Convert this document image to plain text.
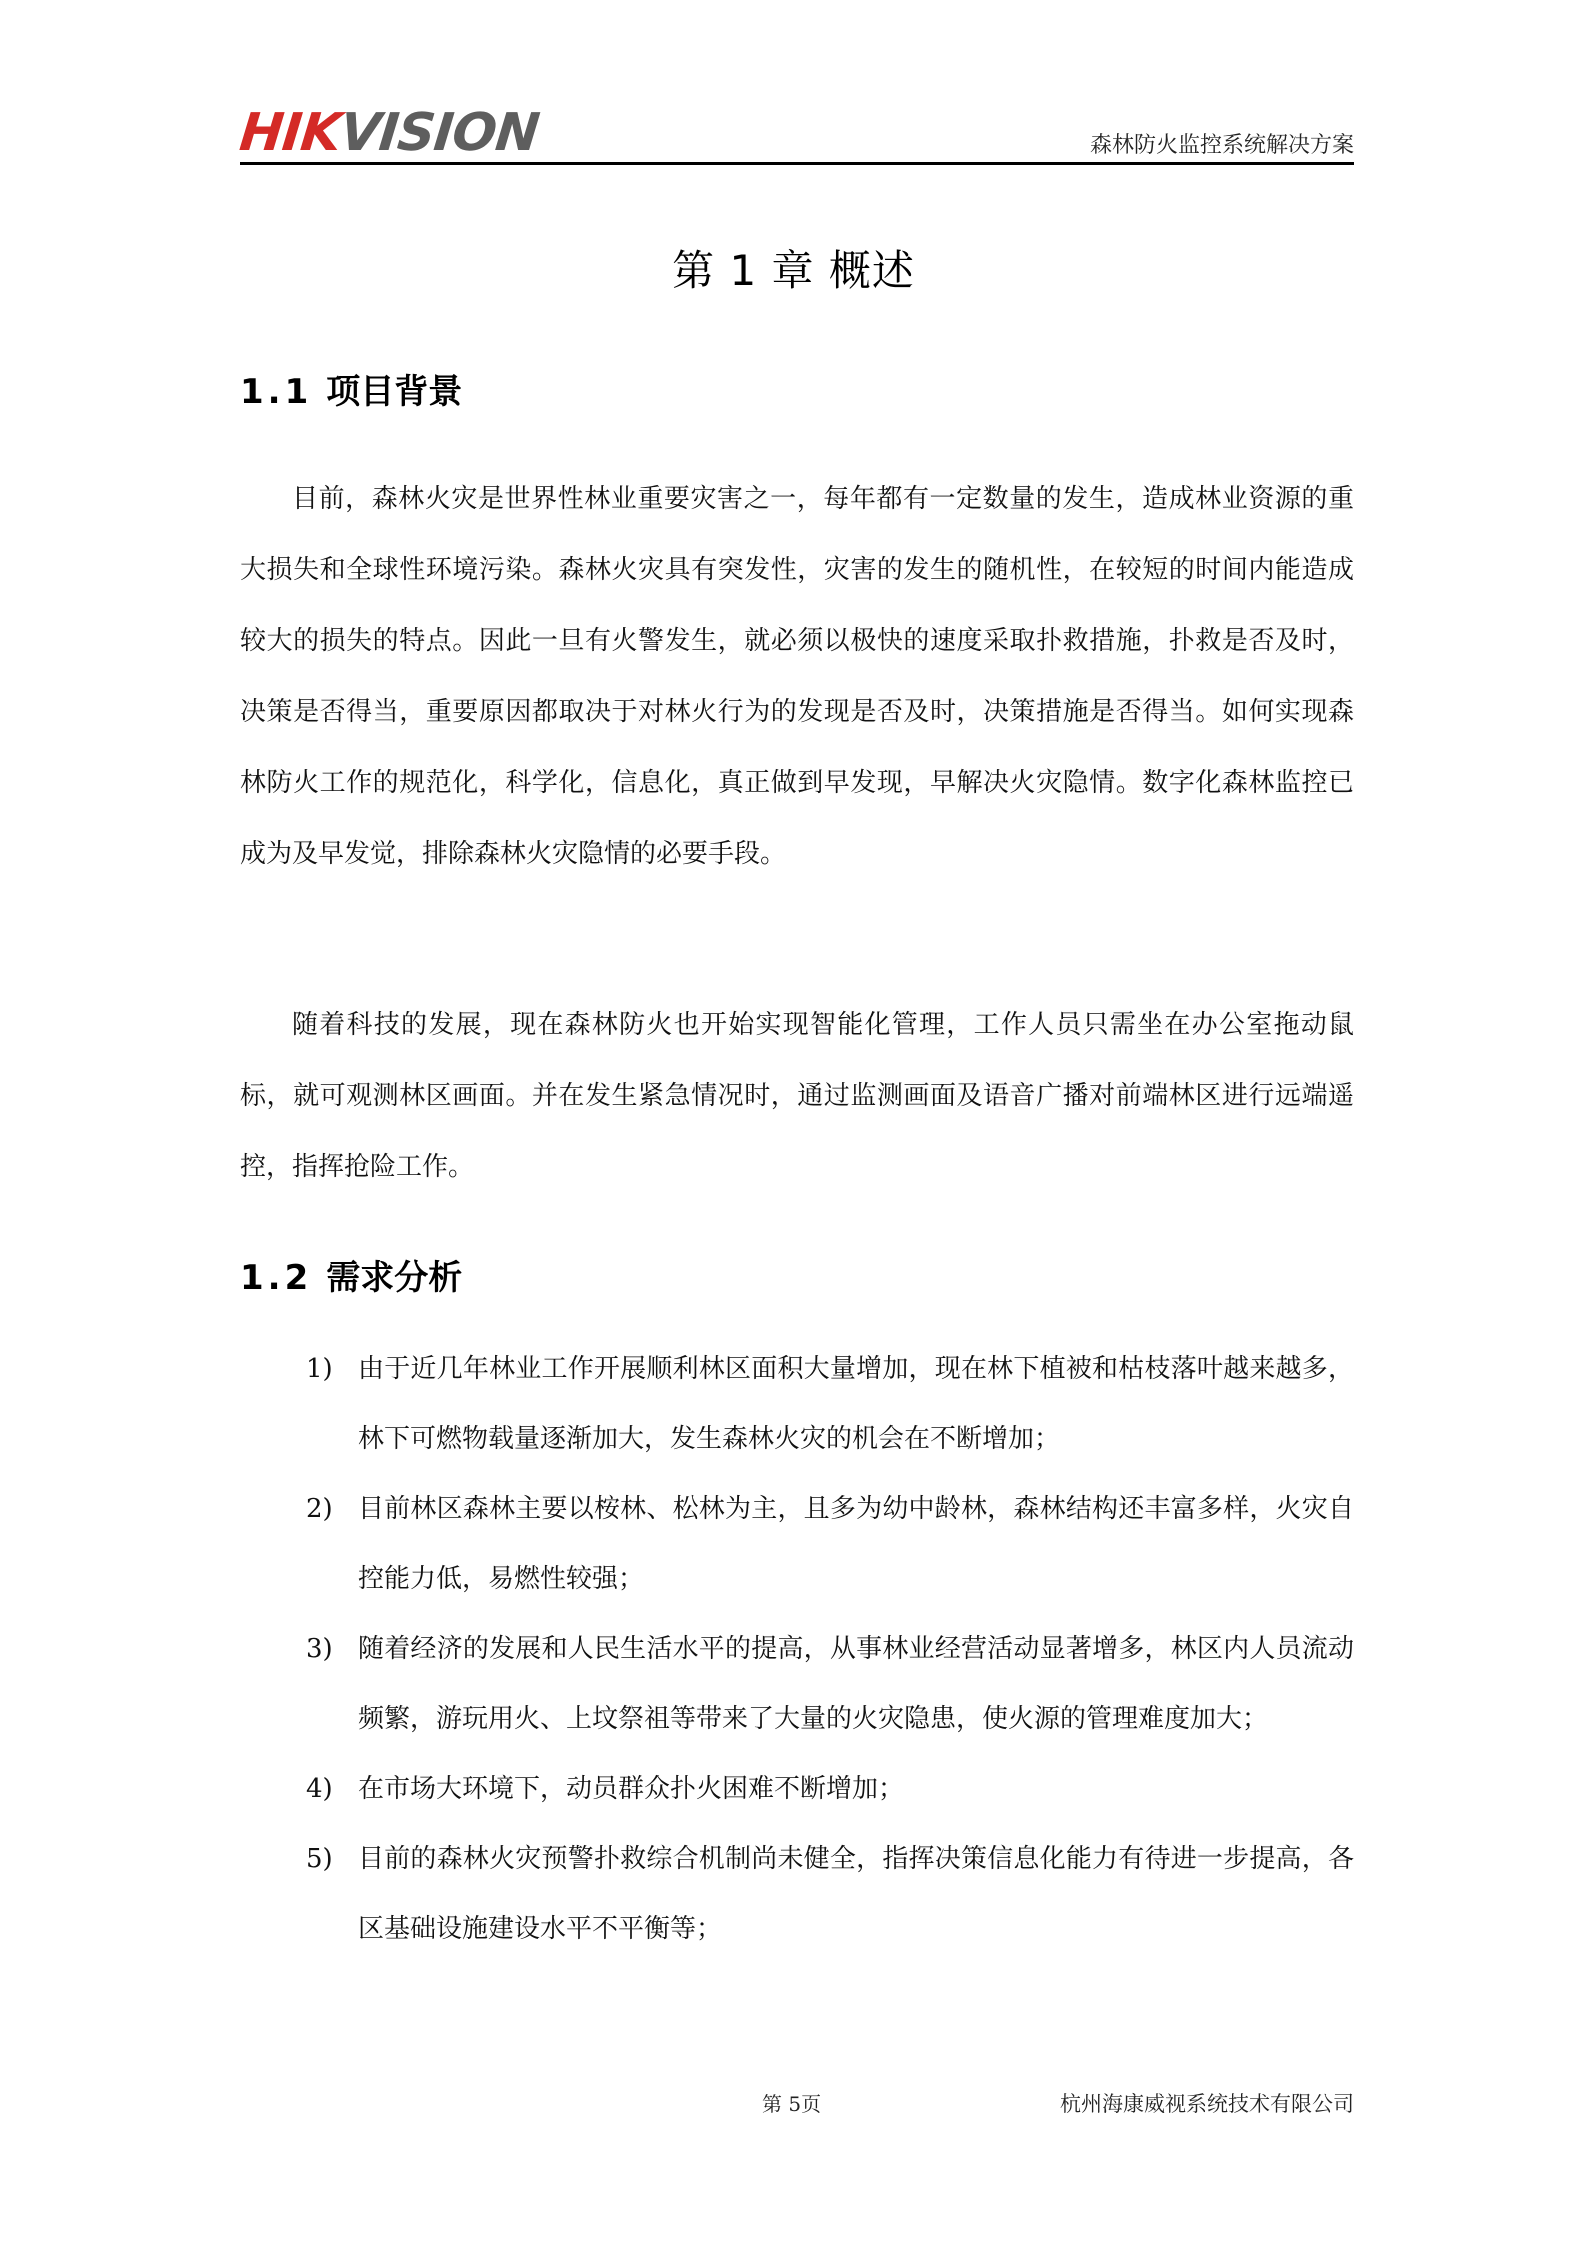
HIKVISION	森林防火监控系统解决方案
第 1 章 概述
1.1 项目背景

目前，森林火灾是世界性林业重要灾害之一，每年都有一定数量的发生，造成林业资源的重大损失和全球性环境污染。森林火灾具有突发性，灾害的发生的随机性，在较短的时间内能造成较大的损失的特点。因此一旦有火警发生，就必须以极快的速度采取扑救措施，扑救是否及时，决策是否得当，重要原因都取决于对林火行为的发现是否及时，决策措施是否得当。如何实现森林防火工作的规范化，科学化，信息化，真正做到早发现，早解决火灾隐情。数字化森林监控已成为及早发觉，排除森林火灾隐情的必要手段。

随着科技的发展，现在森林防火也开始实现智能化管理，工作人员只需坐在办公室拖动鼠标，就可观测林区画面。并在发生紧急情况时，通过监测画面及语音广播对前端林区进行远端遥控，指挥抢险工作。

1.2 需求分析
1) 由于近几年林业工作开展顺利林区面积大量增加，现在林下植被和枯枝落叶越来越多，林下可燃物载量逐渐加大，发生森林火灾的机会在不断增加；
2) 目前林区森林主要以桉林、松林为主，且多为幼中龄林，森林结构还丰富多样，火灾自控能力低，易燃性较强；
3) 随着经济的发展和人民生活水平的提高，从事林业经营活动显著增多，林区内人员流动频繁，游玩用火、上坟祭祖等带来了大量的火灾隐患，使火源的管理难度加大；
4) 在市场大环境下，动员群众扑火困难不断增加；
5) 目前的森林火灾预警扑救综合机制尚未健全，指挥决策信息化能力有待进一步提高，各区基础设施建设水平不平衡等；
第 5页	杭州海康威视系统技术有限公司
